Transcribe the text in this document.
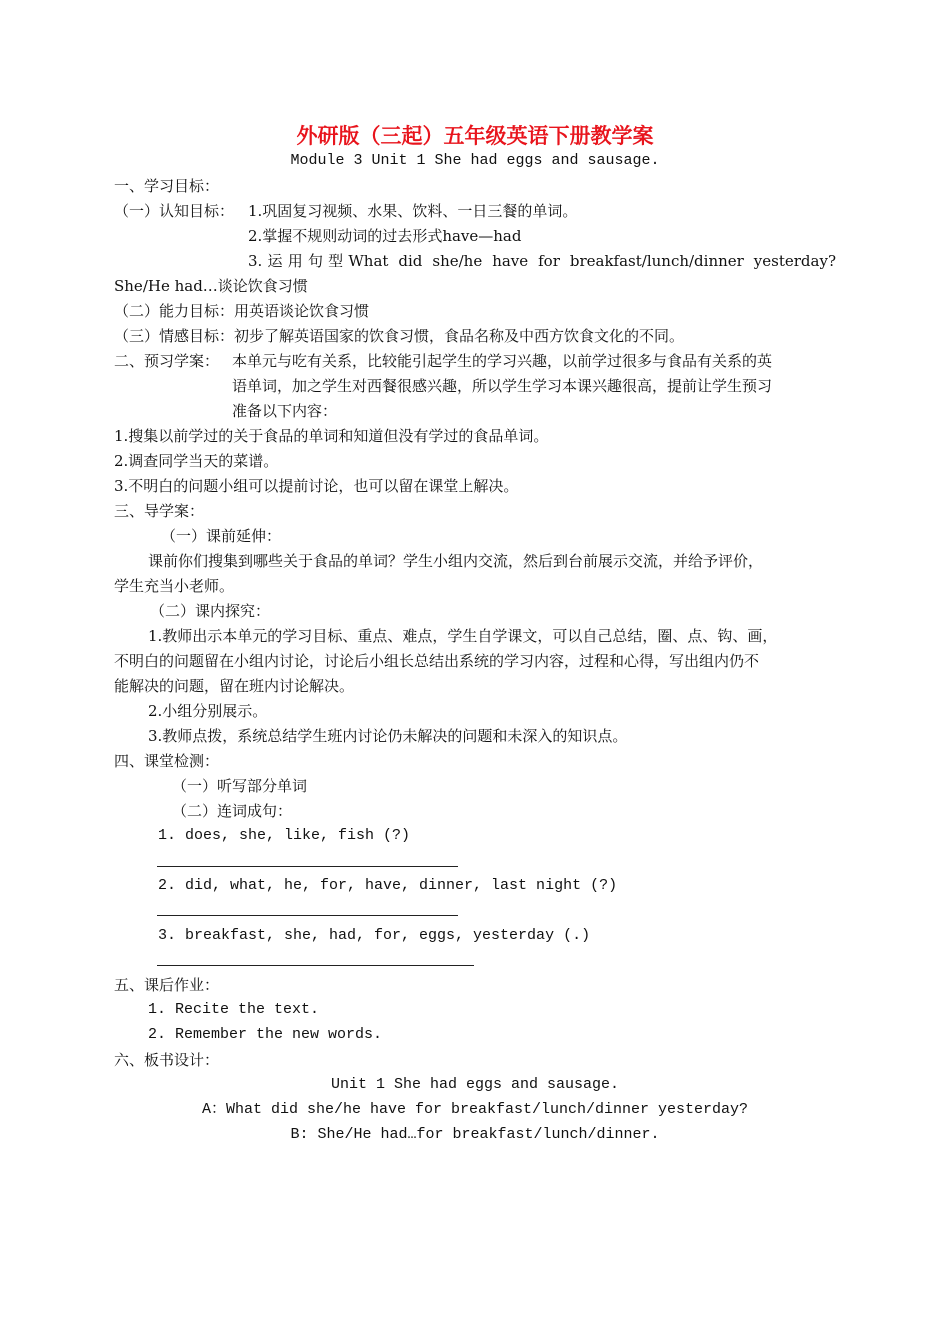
外研版（三起）五年级英语下册教学案
Module 3 Unit 1 She had eggs and sausage.
一、学习目标：
（一）认知目标： 1.巩固复习视频、水果、饮料、一日三餐的单词。
2.掌握不规则动词的过去形式have—had
3.运用句型What did she/he have for breakfast/lunch/dinner yesterday?
She/He had…谈论饮食习惯
（二）能力目标：用英语谈论饮食习惯
（三）情感目标：初步了解英语国家的饮食习惯，食品名称及中西方饮食文化的不同。
二、预习学案： 本单元与吃有关系，比较能引起学生的学习兴趣，以前学过很多与食品有关系的英
语单词，加之学生对西餐很感兴趣，所以学生学习本课兴趣很高，提前让学生预习
准备以下内容：
1.搜集以前学过的关于食品的单词和知道但没有学过的食品单词。
2.调查同学当天的菜谱。
3.不明白的问题小组可以提前讨论，也可以留在课堂上解决。
三、导学案：
（一）课前延伸：
课前你们搜集到哪些关于食品的单词？学生小组内交流，然后到台前展示交流，并给予评价，
学生充当小老师。
（二）课内探究：
1.教师出示本单元的学习目标、重点、难点，学生自学课文，可以自己总结，圈、点、钩、画，
不明白的问题留在小组内讨论，讨论后小组长总结出系统的学习内容，过程和心得，写出组内仍不
能解决的问题，留在班内讨论解决。
2.小组分别展示。
3.教师点拨，系统总结学生班内讨论仍未解决的问题和未深入的知识点。
四、课堂检测：
（一）听写部分单词
（二）连词成句：
1. does, she, like, fish (?)
2. did, what, he, for, have, dinner, last night (?)
3. breakfast, she, had, for, eggs, yesterday (.)
五、课后作业：
1. Recite the text.
2. Remember the new words.
六、板书设计：
Unit 1 She had eggs and sausage.
A：What did she/he have for breakfast/lunch/dinner yesterday?
B: She/He had…for breakfast/lunch/dinner.
